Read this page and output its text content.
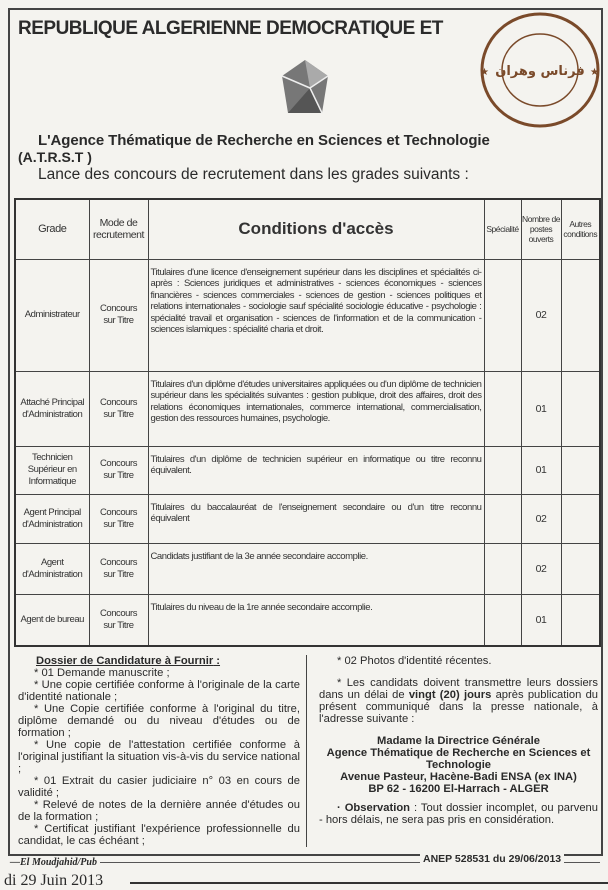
REPUBLIQUE ALGERIENNE DEMOCRATIQUE ET
فرناس وهران
★	★
L'Agence Thématique de Recherche en Sciences et Technologie
(A.T.R.S.T )
Lance des concours de recrutement dans les grades suivants :
Grade	Mode de recrutement	Conditions d'accès	Spécialité	Nombre de postes ouverts	Autres conditions
Administrateur	Concours sur Titre	Titulaires d'une licence d'enseignement supérieur dans les disciplines et spécialités ci-après : Sciences juridiques et administratives - sciences économiques - sciences financières - sciences commerciales - sciences de gestion - sciences politiques et relations internationales - sociologie sauf spécialité sociologie éducative - psychologie : spécialité travail et organisation - sciences de l'information et de la communication - sciences islamiques : spécialité charia et droit.		02	
Attaché Principal d'Administration	Concours sur Titre	Titulaires d'un diplôme d'études universitaires appliquées ou d'un diplôme de technicien supérieur dans les spécialités suivantes : gestion publique, droit des affaires, droit des relations économiques internationales, commerce international, commercialisation, gestion des ressources humaines, psychologie.		01	
Technicien Supérieur en Informatique	Concours sur Titre	Titulaires d'un diplôme de technicien supérieur en informatique ou titre reconnu équivalent.		01	
Agent Principal d'Administration	Concours sur Titre	Titulaires du baccalauréat de l'enseignement secondaire ou d'un titre reconnu équivalent		02	
Agent d'Administration	Concours sur Titre	Candidats justifiant de la 3e année secondaire accomplie.		02	
Agent de bureau	Concours sur Titre	Titulaires du niveau de la 1re année secondaire accomplie.		01	

Dossier de Candidature à Fournir :

* 01 Demande manuscrite ;

* Une copie certifiée conforme à l'originale de la carte d'identité nationale ;

* Une Copie certifiée conforme à l'original du titre, diplôme demandé ou du niveau d'études ou de formation ;

* Une copie de l'attestation certifiée conforme à l'original justifiant la situation vis-à-vis du service national ;

* 01 Extrait du casier judiciaire n° 03 en cours de validité ;

* Relevé de notes de la dernière année d'études ou de la formation ;

* Certificat justifiant l'expérience professionnelle du candidat, le cas échéant ;

* 02 Photos d'identité récentes.

* Les candidats doivent transmettre leurs dossiers dans un délai de vingt (20) jours après publication du présent communiqué dans la presse nationale, à l'adresse suivante :

Madame la Directrice Générale
Agence Thématique de Recherche en Sciences et Technologie
Avenue Pasteur, Hacène-Badi ENSA (ex INA)
BP 62 - 16200 El-Harrach - ALGER

· Observation : Tout dossier incomplet, ou parvenu - hors délais, ne sera pas pris en considération.

—El Moudjahid/Pub	ANEP 528531 du 29/06/2013
di 29 Juin 2013
